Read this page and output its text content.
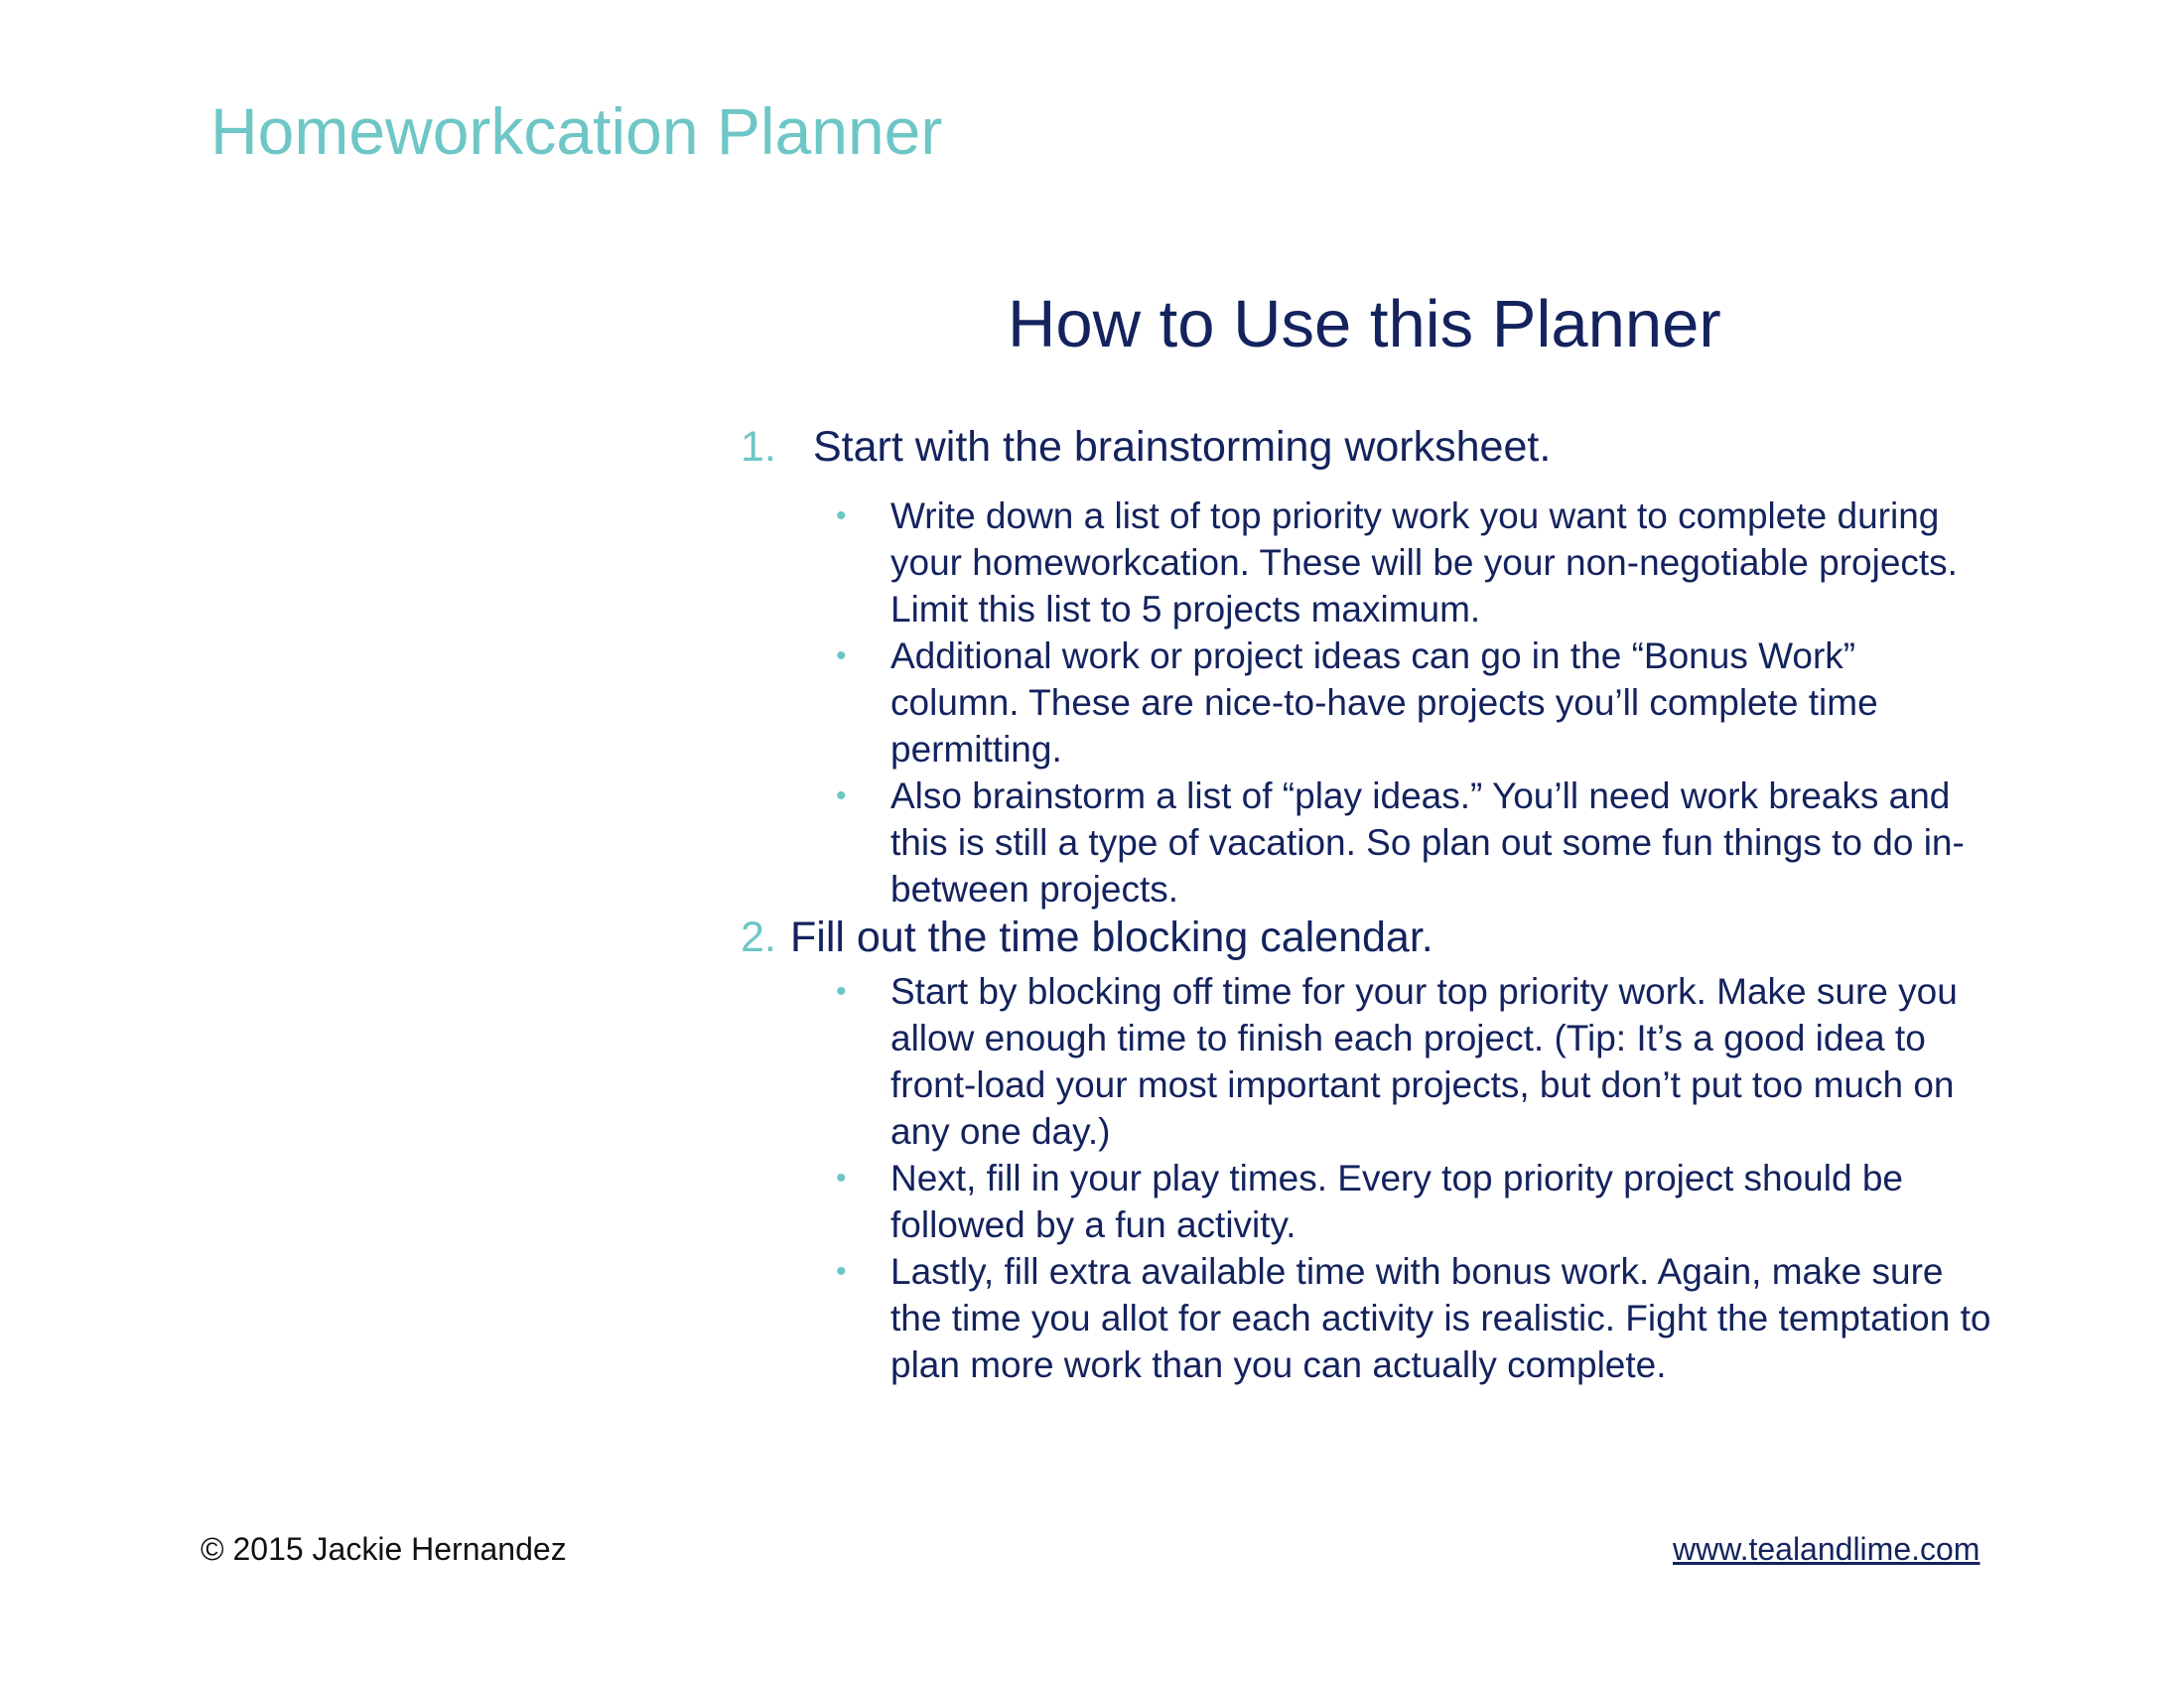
Homeworkcation Planner
How to Use this Planner
1. Start with the brainstorming worksheet.
• Write down a list of top priority work you want to complete during your homeworkcation. These will be your non-negotiable projects. Limit this list to 5 projects maximum.
• Additional work or project ideas can go in the “Bonus Work” column. These are nice-to-have projects you’ll complete time permitting.
• Also brainstorm a list of “play ideas.” You’ll need work breaks and this is still a type of vacation. So plan out some fun things to do in-between projects.
2. Fill out the time blocking calendar.
• Start by blocking off time for your top priority work. Make sure you allow enough time to finish each project. (Tip: It’s a good idea to front-load your most important projects, but don’t put too much on any one day.)
• Next, fill in your play times. Every top priority project should be followed by a fun activity.
• Lastly, fill extra available time with bonus work. Again, make sure the time you allot for each activity is realistic. Fight the temptation to plan more work than you can actually complete.
© 2015 Jackie Hernandez	www.tealandlime.com
